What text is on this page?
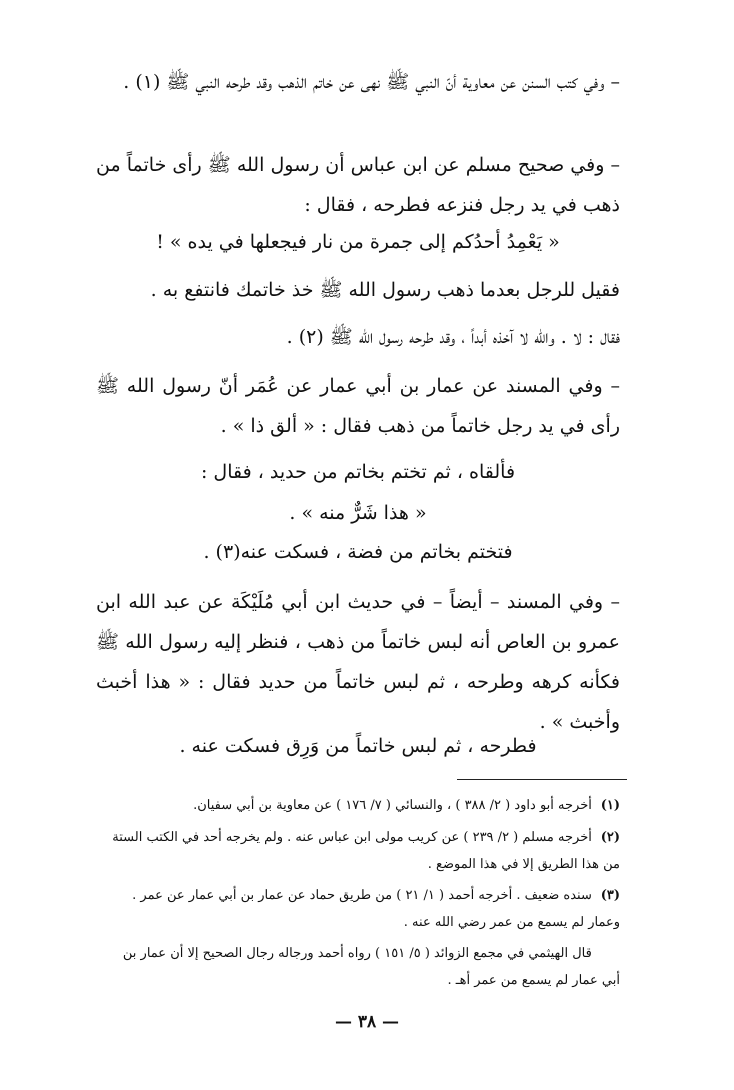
– وفي كتب السنن عن معاوية أنّ النبي ﷺ نهى عن خاتم الذهب وقد طرحه النبي ﷺ (١) .
– وفي صحيح مسلم عن ابن عباس أن رسول الله ﷺ رأى خاتماً من ذهب في يد رجل فنزعه فطرحه ، فقال :
« يَعْمِدُ أحدُكم إلى جمرة من نار فيجعلها في يده » !
فقيل للرجل بعدما ذهب رسول الله ﷺ خذ خاتمك فانتفع به .
فقال : لا . والله لا آخذه أبداً ، وقد طرحه رسول الله ﷺ (٢) .
– وفي المسند عن عمار بن أبي عمار عن عُمَر أنّ رسول الله ﷺ رأى في يد رجل خاتماً من ذهب فقال : « ألق ذا » .
فألقاه ، ثم تختم بخاتم من حديد ، فقال :
« هذا شَرٌّ منه » .
فتختم بخاتم من فضة ، فسكت عنه(٣) .
– وفي المسند – أيضاً – في حديث ابن أبي مُلَيْكَة عن عبد الله ابن عمرو بن العاص أنه لبس خاتماً من ذهب ، فنظر إليه رسول الله ﷺ فكأنه كرهه وطرحه ، ثم لبس خاتماً من حديد فقال : « هذا أخبث وأخبث » .
فطرحه ، ثم لبس خاتماً من وَرِق فسكت عنه .
(١) أخرجه أبو داود ( ٢/ ٣٨٨ ) ، والنسائي ( ٧/ ١٧٦ ) عن معاوية بن أبي سفيان.
(٢) أخرجه مسلم ( ٢/ ٢٣٩ ) عن كريب مولى ابن عباس عنه . ولم يخرجه أحد في الكتب الستة من هذا الطريق إلا في هذا الموضع .
(٣) سنده ضعيف . أخرجه أحمد ( ١/ ٢١ ) من طريق حماد عن عمار بن أبي عمار عن عمر . وعمار لم يسمع من عمر رضي الله عنه .
قال الهيثمي في مجمع الزوائد ( ٥/ ١٥١ ) رواه أحمد ورجاله رجال الصحيح إلا أن عمار بن أبي عمار لم يسمع من عمر أهـ .
— ٣٨ —
